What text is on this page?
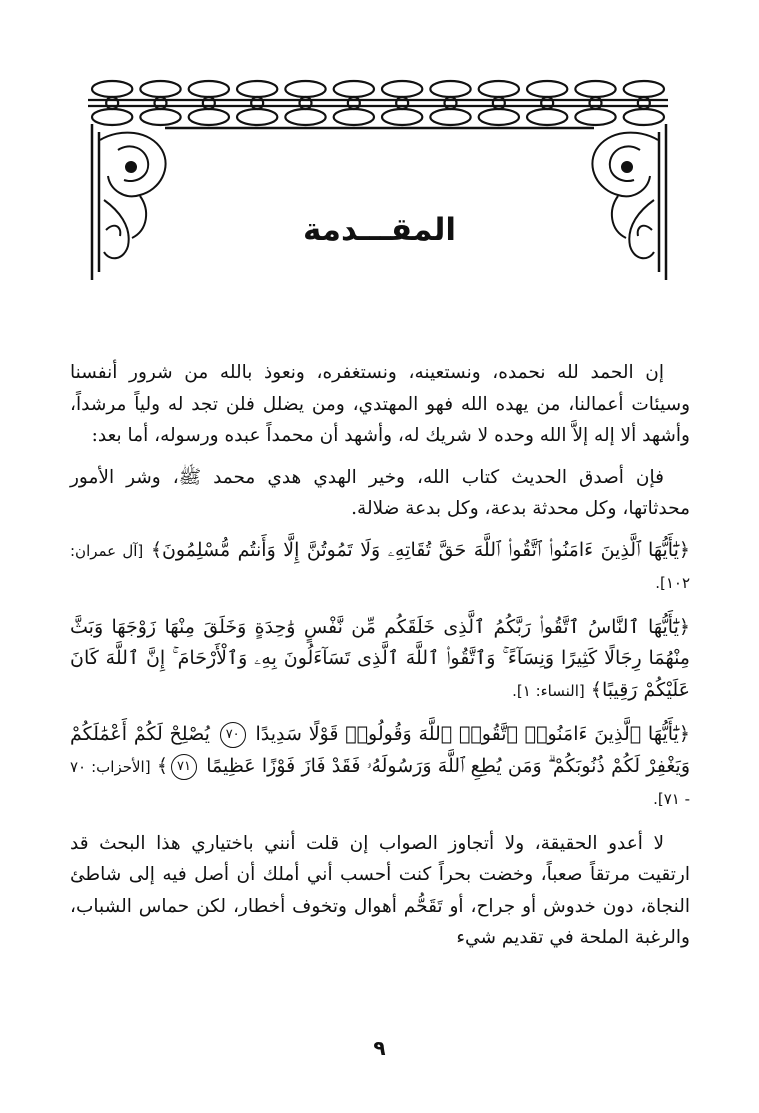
المقـــدمة

إن الحمد لله نحمده، ونستعينه، ونستغفره، ونعوذ بالله من شرور أنفسنا وسيئات أعمالنا، من يهده الله فهو المهتدي، ومن يضلل فلن تجد له ولياً مرشداً، وأشهد ألا إله إلاَّ الله وحده لا شريك له، وأشهد أن محمداً عبده ورسوله، أما بعد:

فإن أصدق الحديث كتاب الله، وخير الهدي هدي محمد ﷺ، وشر الأمور محدثاتها، وكل محدثة بدعة، وكل بدعة ضلالة.

﴿يَٰٓأَيُّهَا ٱلَّذِينَ ءَامَنُوا۟ ٱتَّقُوا۟ ٱللَّهَ حَقَّ تُقَاتِهِۦ وَلَا تَمُوتُنَّ إِلَّا وَأَنتُم مُّسْلِمُونَ﴾ [آل عمران: ١٠٢].

﴿يَٰٓأَيُّهَا ٱلنَّاسُ ٱتَّقُوا۟ رَبَّكُمُ ٱلَّذِى خَلَقَكُم مِّن نَّفْسٍ وَٰحِدَةٍ وَخَلَقَ مِنْهَا زَوْجَهَا وَبَثَّ مِنْهُمَا رِجَالًا كَثِيرًا وَنِسَآءً ۚ وَٱتَّقُوا۟ ٱللَّهَ ٱلَّذِى تَسَآءَلُونَ بِهِۦ وَٱلْأَرْحَامَ ۚ إِنَّ ٱللَّهَ كَانَ عَلَيْكُمْ رَقِيبًا﴾ [النساء: ١].

﴿يَٰٓأَيُّهَا ٱلَّذِينَ ءَامَنُوا۟ ٱتَّقُوا۟ ٱللَّهَ وَقُولُوا۟ قَوْلًا سَدِيدًا ٧٠ يُصْلِحْ لَكُمْ أَعْمَٰلَكُمْ وَيَغْفِرْ لَكُمْ ذُنُوبَكُمْ ۗ وَمَن يُطِعِ ٱللَّهَ وَرَسُولَهُۥ فَقَدْ فَازَ فَوْزًا عَظِيمًا ٧١﴾ [الأحزاب: ٧٠ - ٧١].

لا أعدو الحقيقة، ولا أتجاوز الصواب إن قلت أنني باختياري هذا البحث قد ارتقيت مرتقاً صعباً، وخضت بحراً كنت أحسب أني أملك أن أصل فيه إلى شاطئ النجاة، دون خدوش أو جراح، أو تَقَحُّم أهوال وتخوف أخطار، لكن حماس الشباب، والرغبة الملحة في تقديم شيء

٩
